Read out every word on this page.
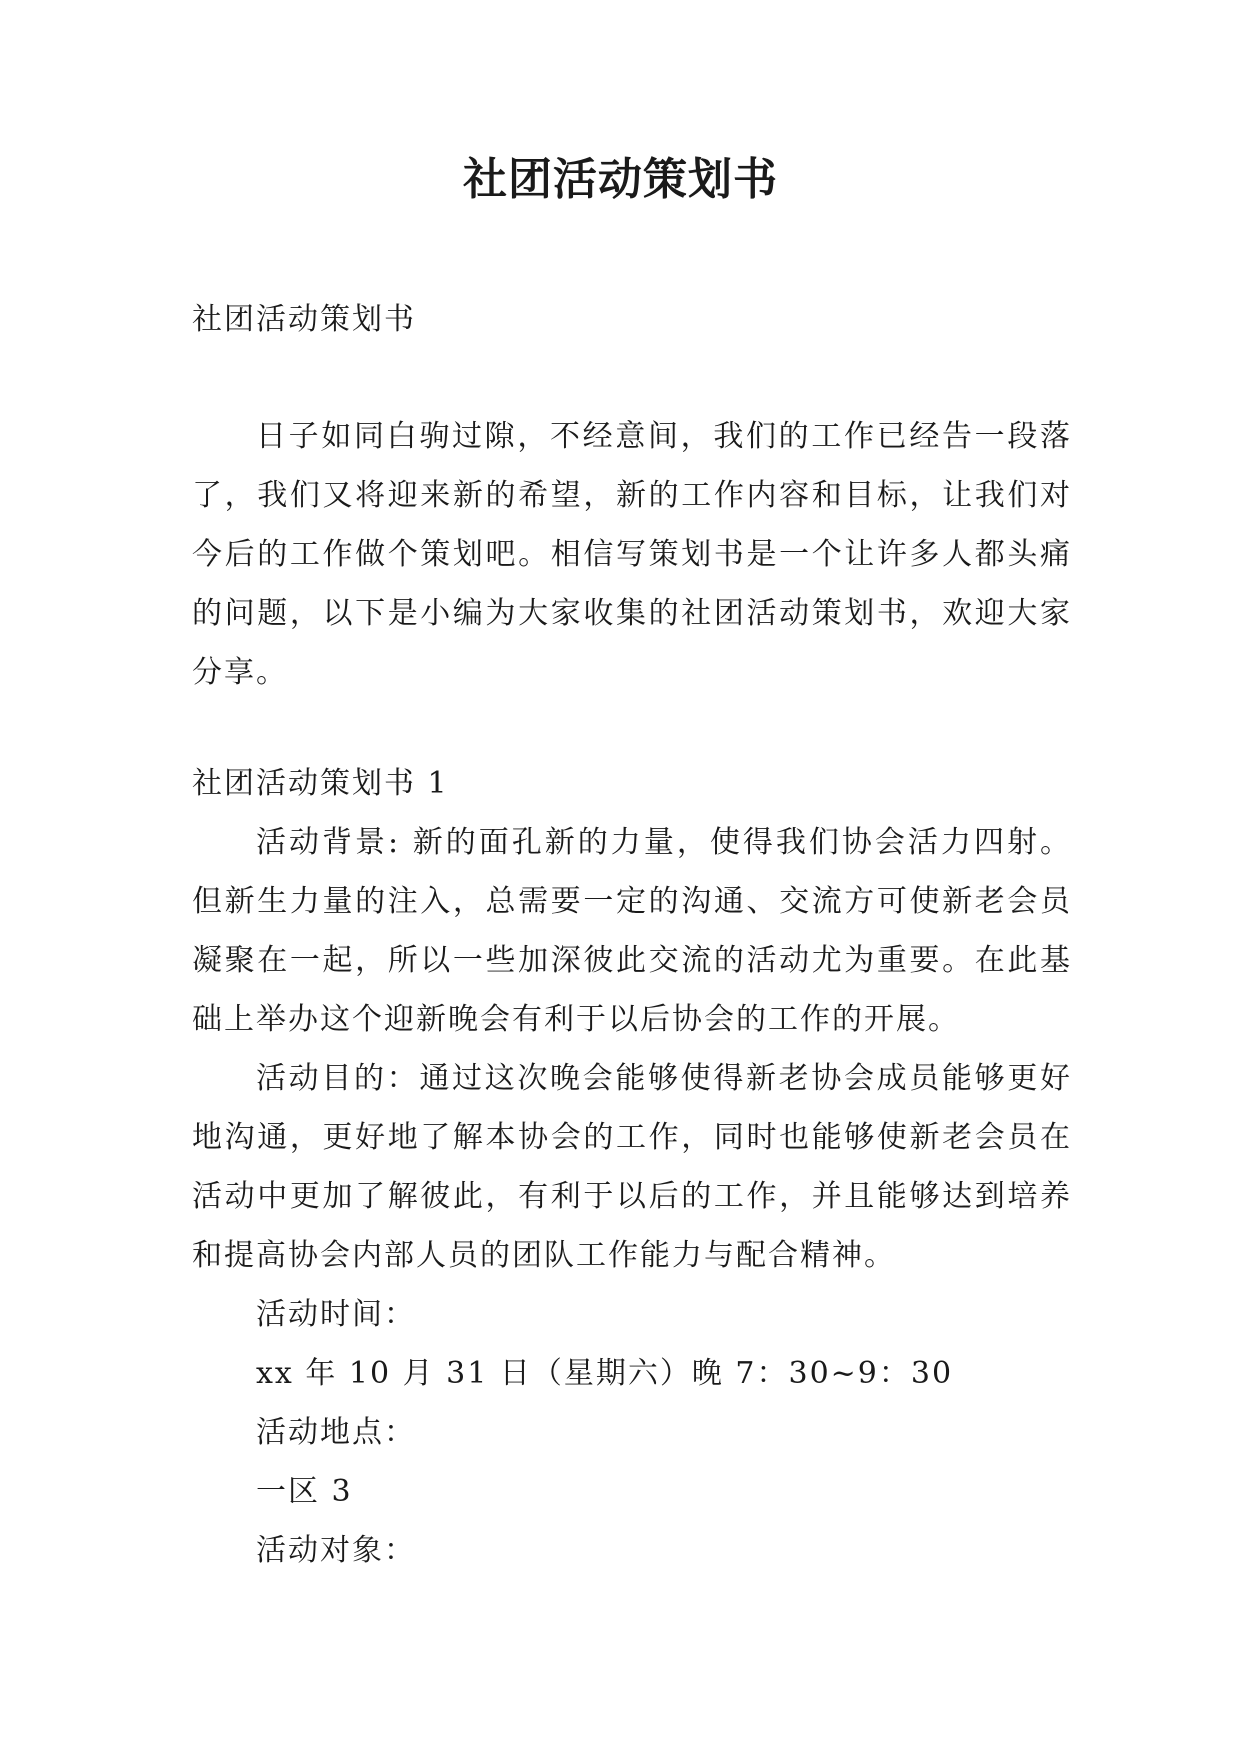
社团活动策划书

社团活动策划书

日子如同白驹过隙，不经意间，我们的工作已经告一段落了，我们又将迎来新的希望，新的工作内容和目标，让我们对今后的工作做个策划吧。相信写策划书是一个让许多人都头痛的问题，以下是小编为大家收集的社团活动策划书，欢迎大家分享。

社团活动策划书 1

活动背景: 新的面孔新的力量，使得我们协会活力四射。但新生力量的注入，总需要一定的沟通、交流方可使新老会员凝聚在一起，所以一些加深彼此交流的活动尤为重要。在此基础上举办这个迎新晚会有利于以后协会的工作的开展。

活动目的：通过这次晚会能够使得新老协会成员能够更好地沟通，更好地了解本协会的工作，同时也能够使新老会员在活动中更加了解彼此，有利于以后的工作，并且能够达到培养和提高协会内部人员的团队工作能力与配合精神。

活动时间：

xx 年 10 月 31 日（星期六）晚 7：30~9：30

活动地点：

一区 3

活动对象：
